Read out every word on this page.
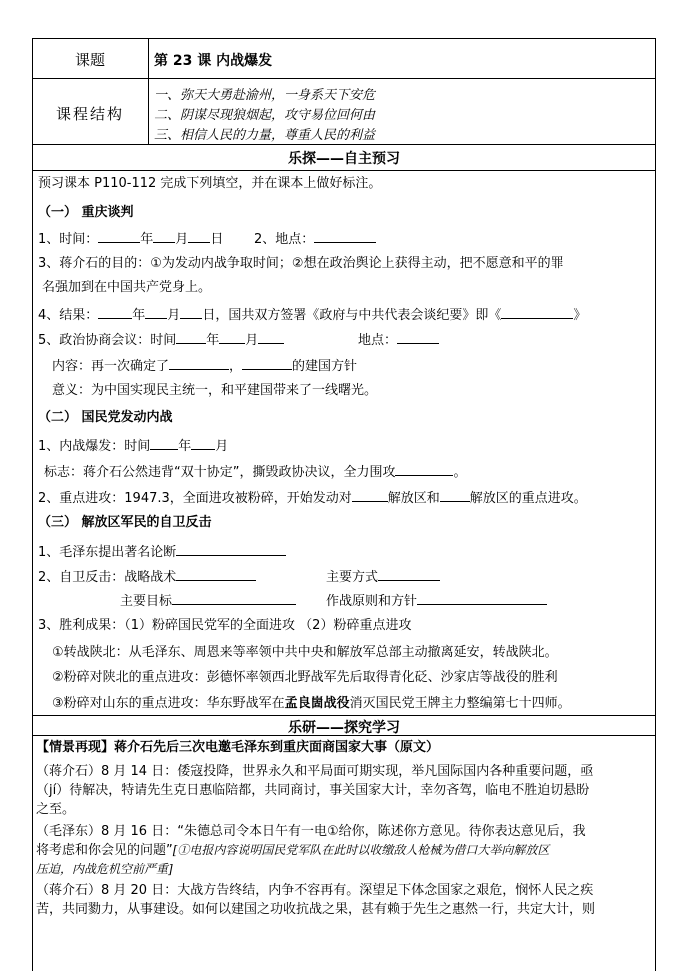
课题	第 23 课 内战爆发
课程结构
一、弥天大勇赴渝州，一身系天下安危
二、阴谋尽现狼烟起，攻守易位回何由
三、相信人民的力量，尊重人民的利益
乐探——自主预习
预习课本 P110-112 完成下列填空，并在课本上做好标注。
（一） 重庆谈判
1、时间：	年 月 日 2、地点：
3、蒋介石的目的：①为发动内战争取时间；②想在政治舆论上获得主动，把不愿意和平的罪
名强加到在中国共产党身上。
4、结果：	年 月 日，国共双方签署《政府与中共代表会谈纪要》即《	》
5、政治协商会议：时间 年 月	地点：
内容：再一次确定了	，	的建国方针
意义：为中国实现民主统一，和平建国带来了一线曙光。
（二） 国民党发动内战
1、内战爆发：时间 年 月
标志：蒋介石公然违背“双十协定”，撕毁政协决议，全力围攻	。
2、重点进攻：1947.3，全面进攻被粉碎，开始发动对	解放区和 解放区的重点进攻。
（三） 解放区军民的自卫反击
1、毛泽东提出著名论断
2、自卫反击：战略战术	主要方式
主要目标	作战原则和方针
3、胜利成果：（1）粉碎国民党军的全面进攻 （2）粉碎重点进攻
①转战陕北：从毛泽东、周恩来等率领中共中央和解放军总部主动撤离延安，转战陕北。
②粉碎对陕北的重点进攻：彭德怀率领西北野战军先后取得青化砭、沙家店等战役的胜利
③粉碎对山东的重点进攻：华东野战军在孟良崮战役消灭国民党王牌主力整编第七十四师。
乐研——探究学习
【情景再现】蒋介石先后三次电邀毛泽东到重庆面商国家大事（原文）
（蒋介石）8 月 14 日：倭寇投降，世界永久和平局面可期实现，举凡国际国内各种重要问题，亟
（jí）待解决，特请先生克日惠临陪都，共同商讨，事关国家大计，幸勿吝驾，临电不胜迫切悬盼
之至。
（毛泽东）8 月 16 日：“朱德总司令本日午有一电①给你，陈述你方意见。待你表达意见后，我
将考虑和你会见的问题”[①电报内容说明国民党军队在此时以收缴敌人枪械为借口大举向解放区
压迫，内战危机空前严重]
（蒋介石）8 月 20 日：大战方告终结，内争不容再有。深望足下体念国家之艰危，悯怀人民之疾
苦，共同勠力，从事建设。如何以建国之功收抗战之果，甚有赖于先生之惠然一行，共定大计，则
